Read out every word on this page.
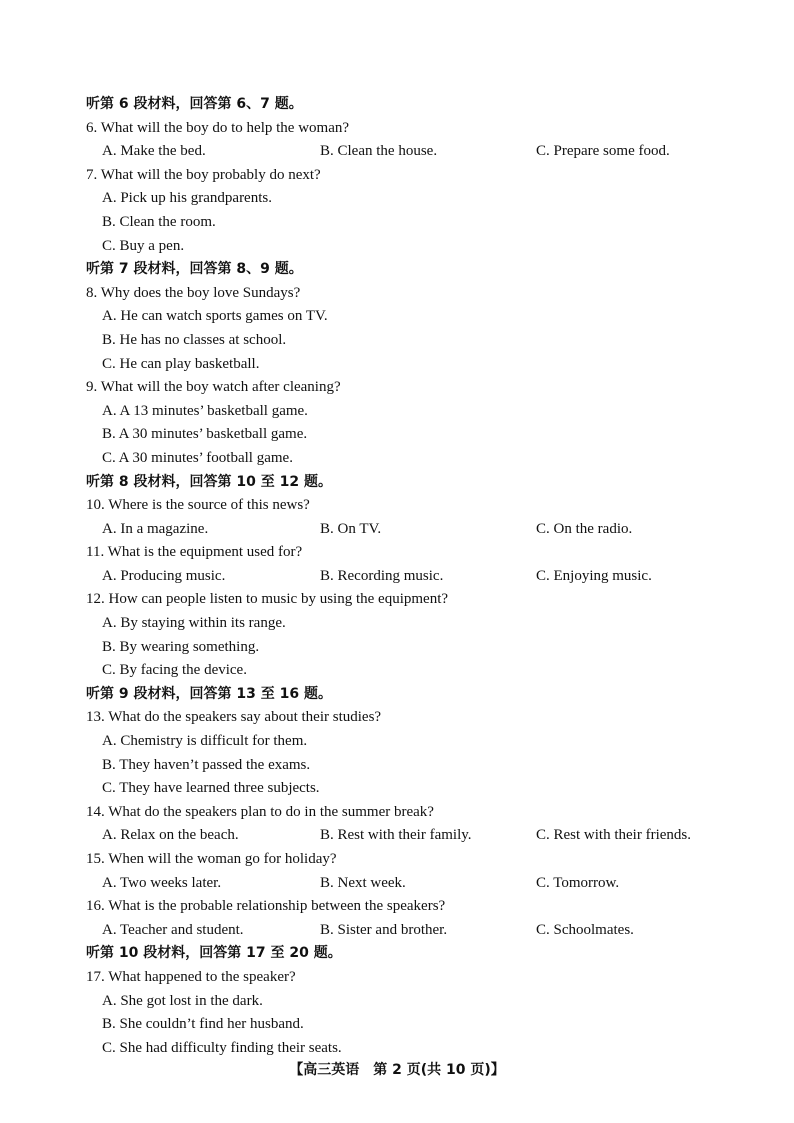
听第 6 段材料，回答第 6、7 题。
6. What will the boy do to help the woman?
A. Make the bed.	B. Clean the house.	C. Prepare some food.
7. What will the boy probably do next?
A. Pick up his grandparents.
B. Clean the room.
C. Buy a pen.
听第 7 段材料，回答第 8、9 题。
8. Why does the boy love Sundays?
A. He can watch sports games on TV.
B. He has no classes at school.
C. He can play basketball.
9. What will the boy watch after cleaning?
A. A 13 minutes’ basketball game.
B. A 30 minutes’ basketball game.
C. A 30 minutes’ football game.
听第 8 段材料，回答第 10 至 12 题。
10. Where is the source of this news?
A. In a magazine.	B. On TV.	C. On the radio.
11. What is the equipment used for?
A. Producing music.	B. Recording music.	C. Enjoying music.
12. How can people listen to music by using the equipment?
A. By staying within its range.
B. By wearing something.
C. By facing the device.
听第 9 段材料，回答第 13 至 16 题。
13. What do the speakers say about their studies?
A. Chemistry is difficult for them.
B. They haven’t passed the exams.
C. They have learned three subjects.
14. What do the speakers plan to do in the summer break?
A. Relax on the beach.	B. Rest with their family.	C. Rest with their friends.
15. When will the woman go for holiday?
A. Two weeks later.	B. Next week.	C. Tomorrow.
16. What is the probable relationship between the speakers?
A. Teacher and student.	B. Sister and brother.	C. Schoolmates.
听第 10 段材料，回答第 17 至 20 题。
17. What happened to the speaker?
A. She got lost in the dark.
B. She couldn’t find her husband.
C. She had difficulty finding their seats.
【高三英语　第 2 页(共 10 页)】
